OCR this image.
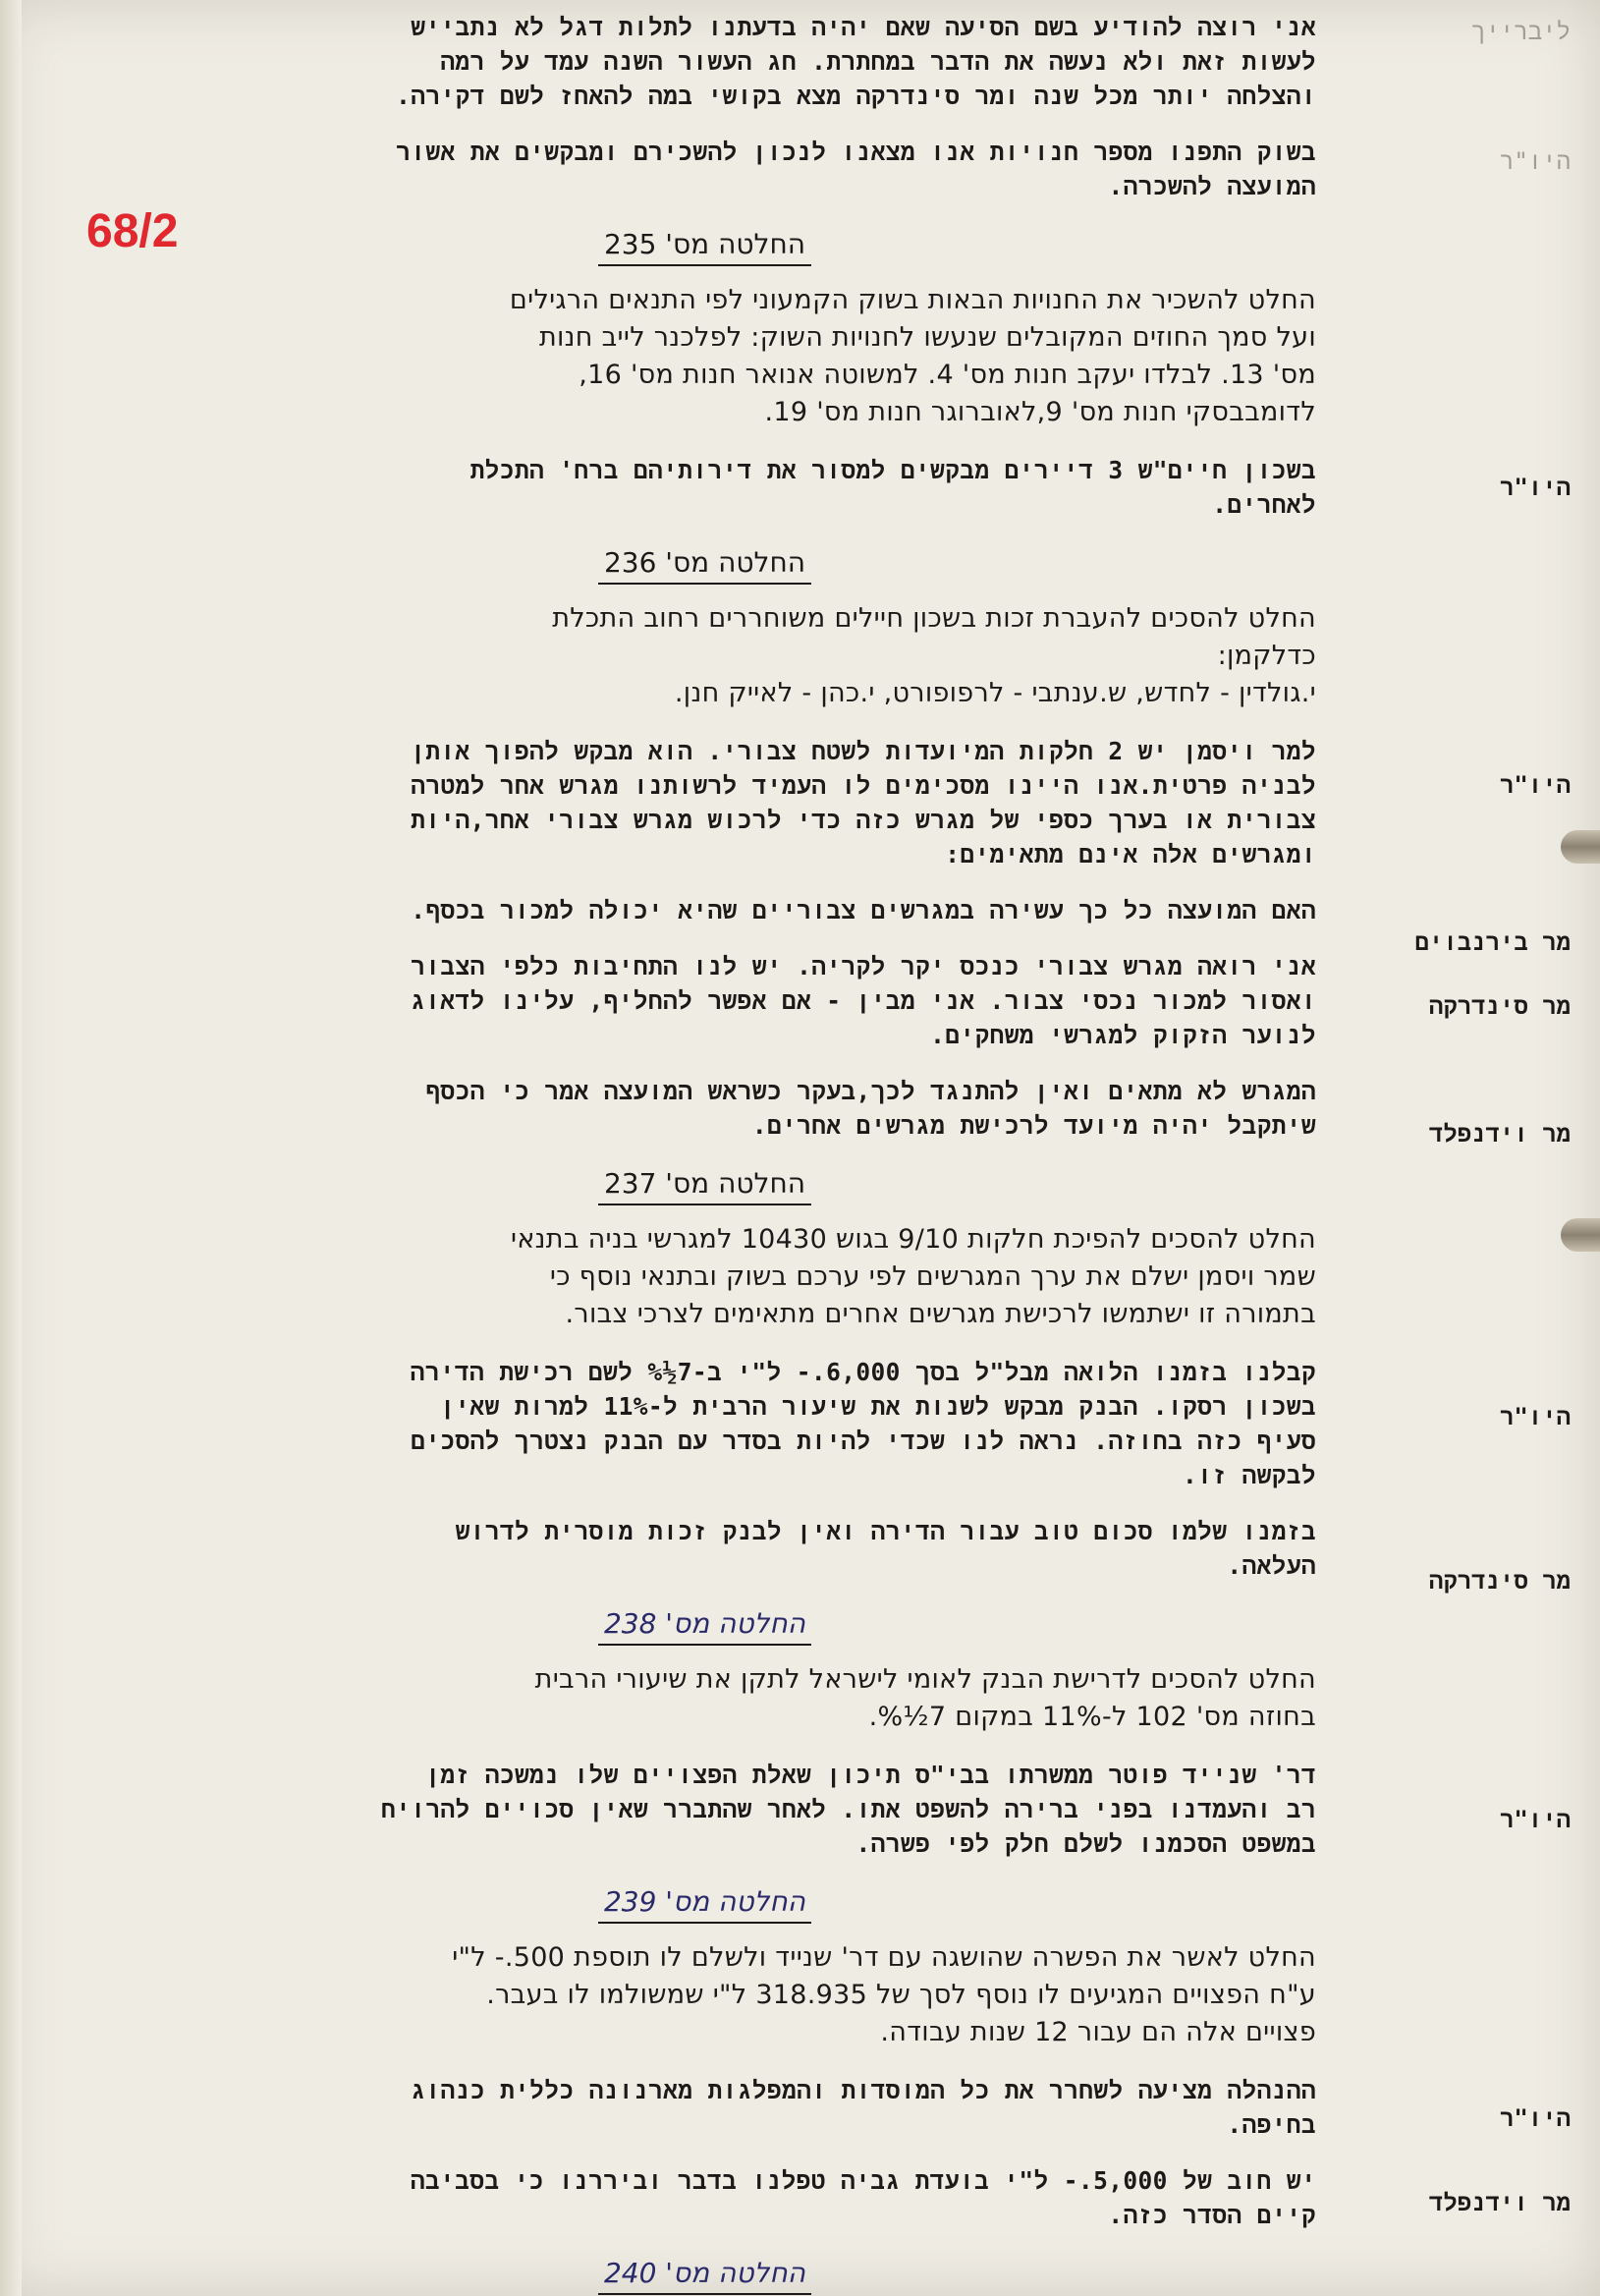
68/2
ליברייך
היו"ר
היו"ר
היו"ר
מר בירנבוים
מר סינדרקה
מר וידנפלד
היו"ר
מר סינדרקה
היו"ר
היו"ר
מר וידנפלד
אני רוצה להודיע בשם הסיעה שאם יהיה בדעתנו לתלות דגל לא נתבייש
לעשות זאת ולא נעשה את הדבר במחתרת. חג העשור השנה עמד על רמה
והצלחה יותר מכל שנה ומר סינדרקה מצא בקושי במה להאחז לשם דקירה.
בשוק התפנו מספר חנויות אנו מצאנו לנכון להשכירם ומבקשים את אשור
המועצה להשכרה.
החלטה מס' 235
החלט להשכיר את החנויות הבאות בשוק הקמעוני לפי התנאים הרגילים
ועל סמך החוזים המקובלים שנעשו לחנויות השוק: לפלכנר לייב חנות
מס' 13. לבלדו יעקב חנות מס' 4. למשוטה אנואר חנות מס' 16,
לדומבבסקי חנות מס' 9,לאוברוגר חנות מס' 19.
בשכון חיים"ש 3 דיירים מבקשים למסור את דירותיהם ברח' התכלת
לאחרים.
החלטה מס' 236
החלט להסכים להעברת זכות בשכון חיילים משוחררים רחוב התכלת
כדלקמן:
י.גולדין - לחדש, ש.ענתבי - לרפופורט, י.כהן - לאייק חנן.
למר ויסמן יש 2 חלקות המיועדות לשטח צבורי. הוא מבקש להפוך אותן
לבניה פרטית.אנו היינו מסכימים לו העמיד לרשותנו מגרש אחר למטרה
צבורית או בערך כספי של מגרש כזה כדי לרכוש מגרש צבורי אחר,היות
ומגרשים אלה אינם מתאימים:
האם המועצה כל כך עשירה במגרשים צבוריים שהיא יכולה למכור בכסף.
אני רואה מגרש צבורי כנכס יקר לקריה. יש לנו התחיבות כלפי הצבור
ואסור למכור נכסי צבור. אני מבין - אם אפשר להחליף, עלינו לדאוג
לנוער הזקוק למגרשי משחקים.
המגרש לא מתאים ואין להתנגד לכך,בעקר כשראש המועצה אמר כי הכסף
שיתקבל יהיה מיועד לרכישת מגרשים אחרים.
החלטה מס' 237
החלט להסכים להפיכת חלקות 9/10 בגוש 10430 למגרשי בניה בתנאי
שמר ויסמן ישלם את ערך המגרשים לפי ערכם בשוק ובתנאי נוסף כי
בתמורה זו ישתמשו לרכישת מגרשים אחרים מתאימים לצרכי צבור.
קבלנו בזמנו הלואה מבל"ל בסך 6,000.- ל"י ב-7½% לשם רכישת הדירה
בשכון רסקו. הבנק מבקש לשנות את שיעור הרבית ל-11% למרות שאין
סעיף כזה בחוזה. נראה לנו שכדי להיות בסדר עם הבנק נצטרך להסכים
לבקשה זו.
בזמנו שלמו סכום טוב עבור הדירה ואין לבנק זכות מוסרית לדרוש
העלאה.
החלטה מס' 238
החלט להסכים לדרישת הבנק לאומי לישראל לתקן את שיעורי הרבית
בחוזה מס' 102 ל-11% במקום 7½%.
דר' שנייד פוטר ממשרתו בבי"ס תיכון שאלת הפצויים שלו נמשכה זמן
רב והעמדנו בפני ברירה להשפט אתו. לאחר שהתברר שאין סכויים להרויח
במשפט הסכמנו לשלם חלק לפי פשרה.
החלטה מס' 239
החלט לאשר את הפשרה שהושגה עם דר' שנייד ולשלם לו תוספת 500.- ל"י
ע"ח הפצויים המגיעים לו נוסף לסך של 318.935 ל"י שמשולמו לו בעבר.
פצויים אלה הם עבור 12 שנות עבודה.
ההנהלה מציעה לשחרר את כל המוסדות והמפלגות מארנונה כללית כנהוג
בחיפה.
יש חוב של 5,000.- ל"י בועדת גביה טפלנו בדבר וביררנו כי בסביבה
קיים הסדר כזה.
החלטה מס' 240
